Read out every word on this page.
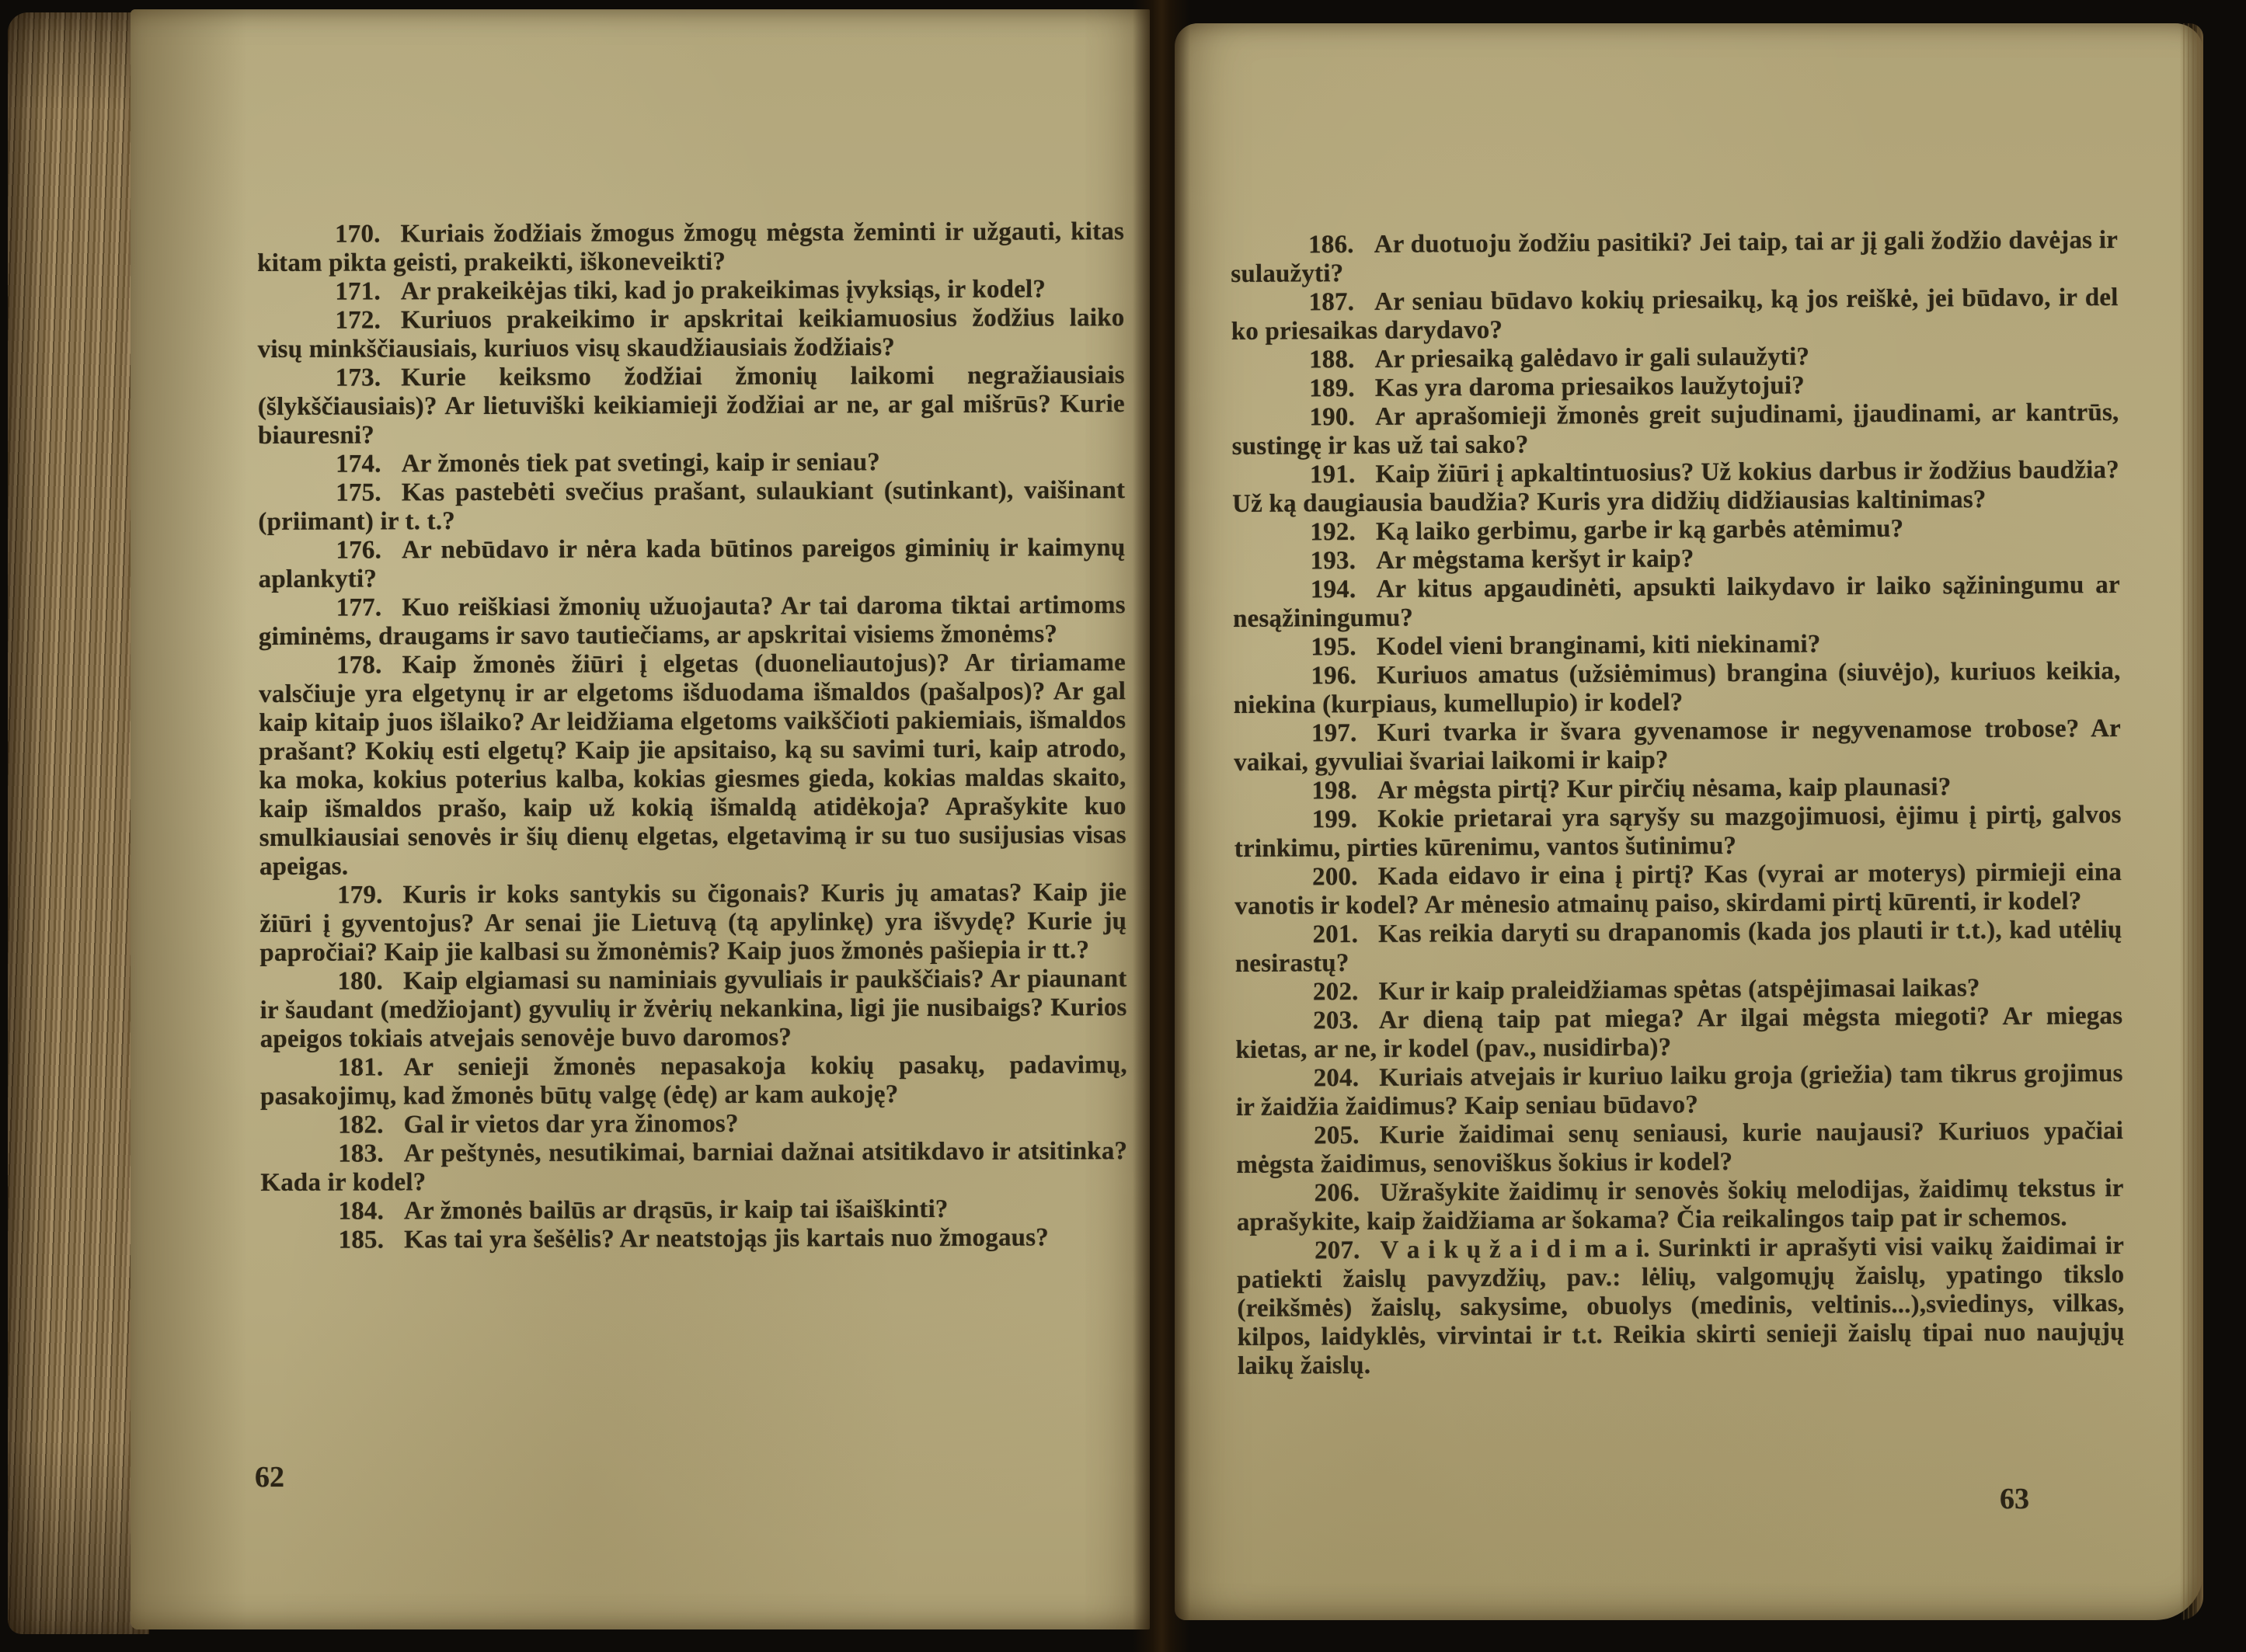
170. Kuriais žodžiais žmogus žmogų mėgsta žeminti ir užgauti, kitas kitam pikta geisti, prakeikti, iškoneveikti?

171. Ar prakeikėjas tiki, kad jo prakeikimas įvyksiąs, ir kodel?

172. Kuriuos prakeikimo ir apskritai keikiamuosius žodžius laiko visų minkščiausiais, kuriuos visų skaudžiausiais žodžiais?

173. Kurie keiksmo žodžiai žmonių laikomi negražiausiais (šlykščiausiais)? Ar lietuviški keikiamieji žodžiai ar ne, ar gal mišrūs? Kurie biauresni?

174. Ar žmonės tiek pat svetingi, kaip ir seniau?

175. Kas pastebėti svečius prašant, sulaukiant (sutinkant), vaišinant (priimant) ir t. t.?

176. Ar nebūdavo ir nėra kada būtinos pareigos giminių ir kaimynų aplankyti?

177. Kuo reiškiasi žmonių užuojauta? Ar tai daroma tiktai artimoms giminėms, draugams ir savo tautiečiams, ar apskritai visiems žmonėms?

178. Kaip žmonės žiūri į elgetas (duoneliautojus)? Ar tiriamame valsčiuje yra elgetynų ir ar elgetoms išduodama išmaldos (pašalpos)? Ar gal kaip kitaip juos išlaiko? Ar leidžiama elgetoms vaikščioti pakiemiais, išmaldos prašant? Kokių esti elgetų? Kaip jie apsitaiso, ką su savimi turi, kaip atrodo, ka moka, kokius poterius kalba, kokias giesmes gieda, kokias maldas skaito, kaip išmaldos prašo, kaip už kokią išmaldą atidėkoja? Aprašykite kuo smulkiausiai senovės ir šių dienų elgetas, elgetavimą ir su tuo susijusias visas apeigas.

179. Kuris ir koks santykis su čigonais? Kuris jų amatas? Kaip jie žiūri į gyventojus? Ar senai jie Lietuvą (tą apylinkę) yra išvydę? Kurie jų papročiai? Kaip jie kalbasi su žmonėmis? Kaip juos žmonės pašiepia ir tt.?

180. Kaip elgiamasi su naminiais gyvuliais ir paukščiais? Ar piaunant ir šaudant (medžiojant) gyvulių ir žvėrių nekankina, ligi jie nusibaigs? Kurios apeigos tokiais atvejais senovėje buvo daromos?

181. Ar senieji žmonės nepasakoja kokių pasakų, padavimų, pasakojimų, kad žmonės būtų valgę (ėdę) ar kam aukoję?

182. Gal ir vietos dar yra žinomos?

183. Ar peštynės, nesutikimai, barniai dažnai atsitikdavo ir atsitinka? Kada ir kodel?

184. Ar žmonės bailūs ar drąsūs, ir kaip tai išaiškinti?

185. Kas tai yra šešėlis? Ar neatstojąs jis kartais nuo žmogaus?

62

186. Ar duotuoju žodžiu pasitiki? Jei taip, tai ar jį gali žodžio davėjas ir sulaužyti?

187. Ar seniau būdavo kokių priesaikų, ką jos reiškė, jei būdavo, ir del ko priesaikas darydavo?

188. Ar priesaiką galėdavo ir gali sulaužyti?

189. Kas yra daroma priesaikos laužytojui?

190. Ar aprašomieji žmonės greit sujudinami, įjaudinami, ar kantrūs, sustingę ir kas už tai sako?

191. Kaip žiūri į apkaltintuosius? Už kokius darbus ir žodžius baudžia? Už ką daugiausia baudžia? Kuris yra didžių didžiausias kaltinimas?

192. Ką laiko gerbimu, garbe ir ką garbės atėmimu?

193. Ar mėgstama keršyt ir kaip?

194. Ar kitus apgaudinėti, apsukti laikydavo ir laiko sąžiningumu ar nesąžiningumu?

195. Kodel vieni branginami, kiti niekinami?

196. Kuriuos amatus (užsiėmimus) brangina (siuvėjo), kuriuos keikia, niekina (kurpiaus, kumellupio) ir kodel?

197. Kuri tvarka ir švara gyvenamose ir negyvenamose trobose? Ar vaikai, gyvuliai švariai laikomi ir kaip?

198. Ar mėgsta pirtį? Kur pirčių nėsama, kaip plaunasi?

199. Kokie prietarai yra sąryšy su mazgojimuosi, ėjimu į pirtį, galvos trinkimu, pirties kūrenimu, vantos šutinimu?

200. Kada eidavo ir eina į pirtį? Kas (vyrai ar moterys) pirmieji eina vanotis ir kodel? Ar mėnesio atmainų paiso, skirdami pirtį kūrenti, ir kodel?

201. Kas reikia daryti su drapanomis (kada jos plauti ir t.t.), kad utėlių nesirastų?

202. Kur ir kaip praleidžiamas spėtas (atspėjimasai laikas?

203. Ar dieną taip pat miega? Ar ilgai mėgsta miegoti? Ar miegas kietas, ar ne, ir kodel (pav., nusidirba)?

204. Kuriais atvejais ir kuriuo laiku groja (griežia) tam tikrus grojimus ir žaidžia žaidimus? Kaip seniau būdavo?

205. Kurie žaidimai senų seniausi, kurie naujausi? Kuriuos ypačiai mėgsta žaidimus, senoviškus šokius ir kodel?

206. Užrašykite žaidimų ir senovės šokių melodijas, žaidimų tekstus ir aprašykite, kaip žaidžiama ar šokama? Čia reikalingos taip pat ir schemos.

207. V a i k ų ž a i d i m a i. Surinkti ir aprašyti visi vaikų žaidimai ir patiekti žaislų pavyzdžių, pav.: lėlių, valgomųjų žaislų, ypatingo tikslo (reikšmės) žaislų, sakysime, obuolys (medinis, veltinis...),sviedinys, vilkas, kilpos, laidyklės, virvintai ir t.t. Reikia skirti senieji žaislų tipai nuo naujųjų laikų žaislų.

63
